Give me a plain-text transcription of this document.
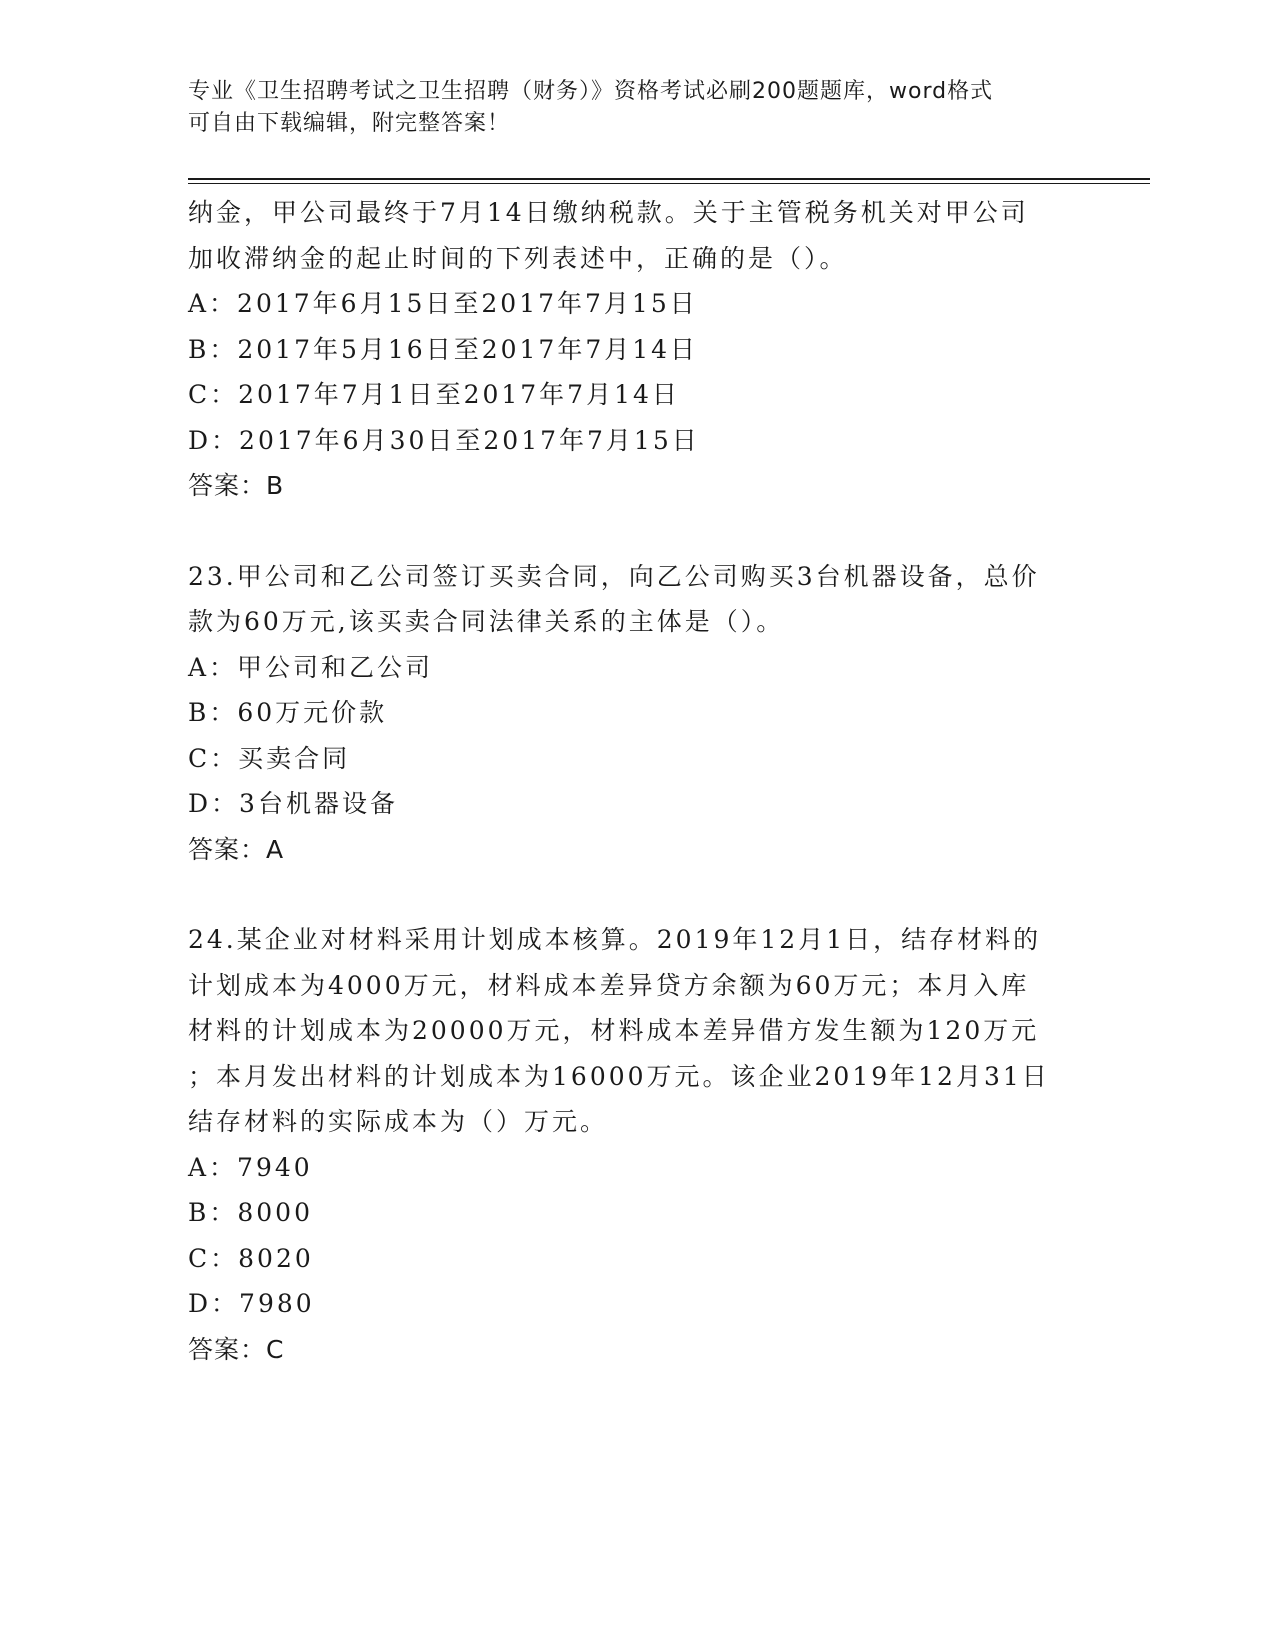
专业《卫生招聘考试之卫生招聘（财务）》资格考试必刷200题题库，word格式
可自由下载编辑，附完整答案！
纳金，甲公司最终于7月14日缴纳税款。关于主管税务机关对甲公司
加收滞纳金的起止时间的下列表述中，正确的是（）。
A：2017年6月15日至2017年7月15日
B：2017年5月16日至2017年7月14日
C：2017年7月1日至2017年7月14日
D：2017年6月30日至2017年7月15日
答案：B
23.甲公司和乙公司签订买卖合同，向乙公司购买3台机器设备，总价
款为60万元,该买卖合同法律关系的主体是（）。
A：甲公司和乙公司
B：60万元价款
C：买卖合同
D：3台机器设备
答案：A
24.某企业对材料采用计划成本核算。2019年12月1日，结存材料的
计划成本为4000万元，材料成本差异贷方余额为60万元；本月入库
材料的计划成本为20000万元，材料成本差异借方发生额为120万元
；本月发出材料的计划成本为16000万元。该企业2019年12月31日
结存材料的实际成本为（）万元。
A：7940
B：8000
C：8020
D：7980
答案：C
